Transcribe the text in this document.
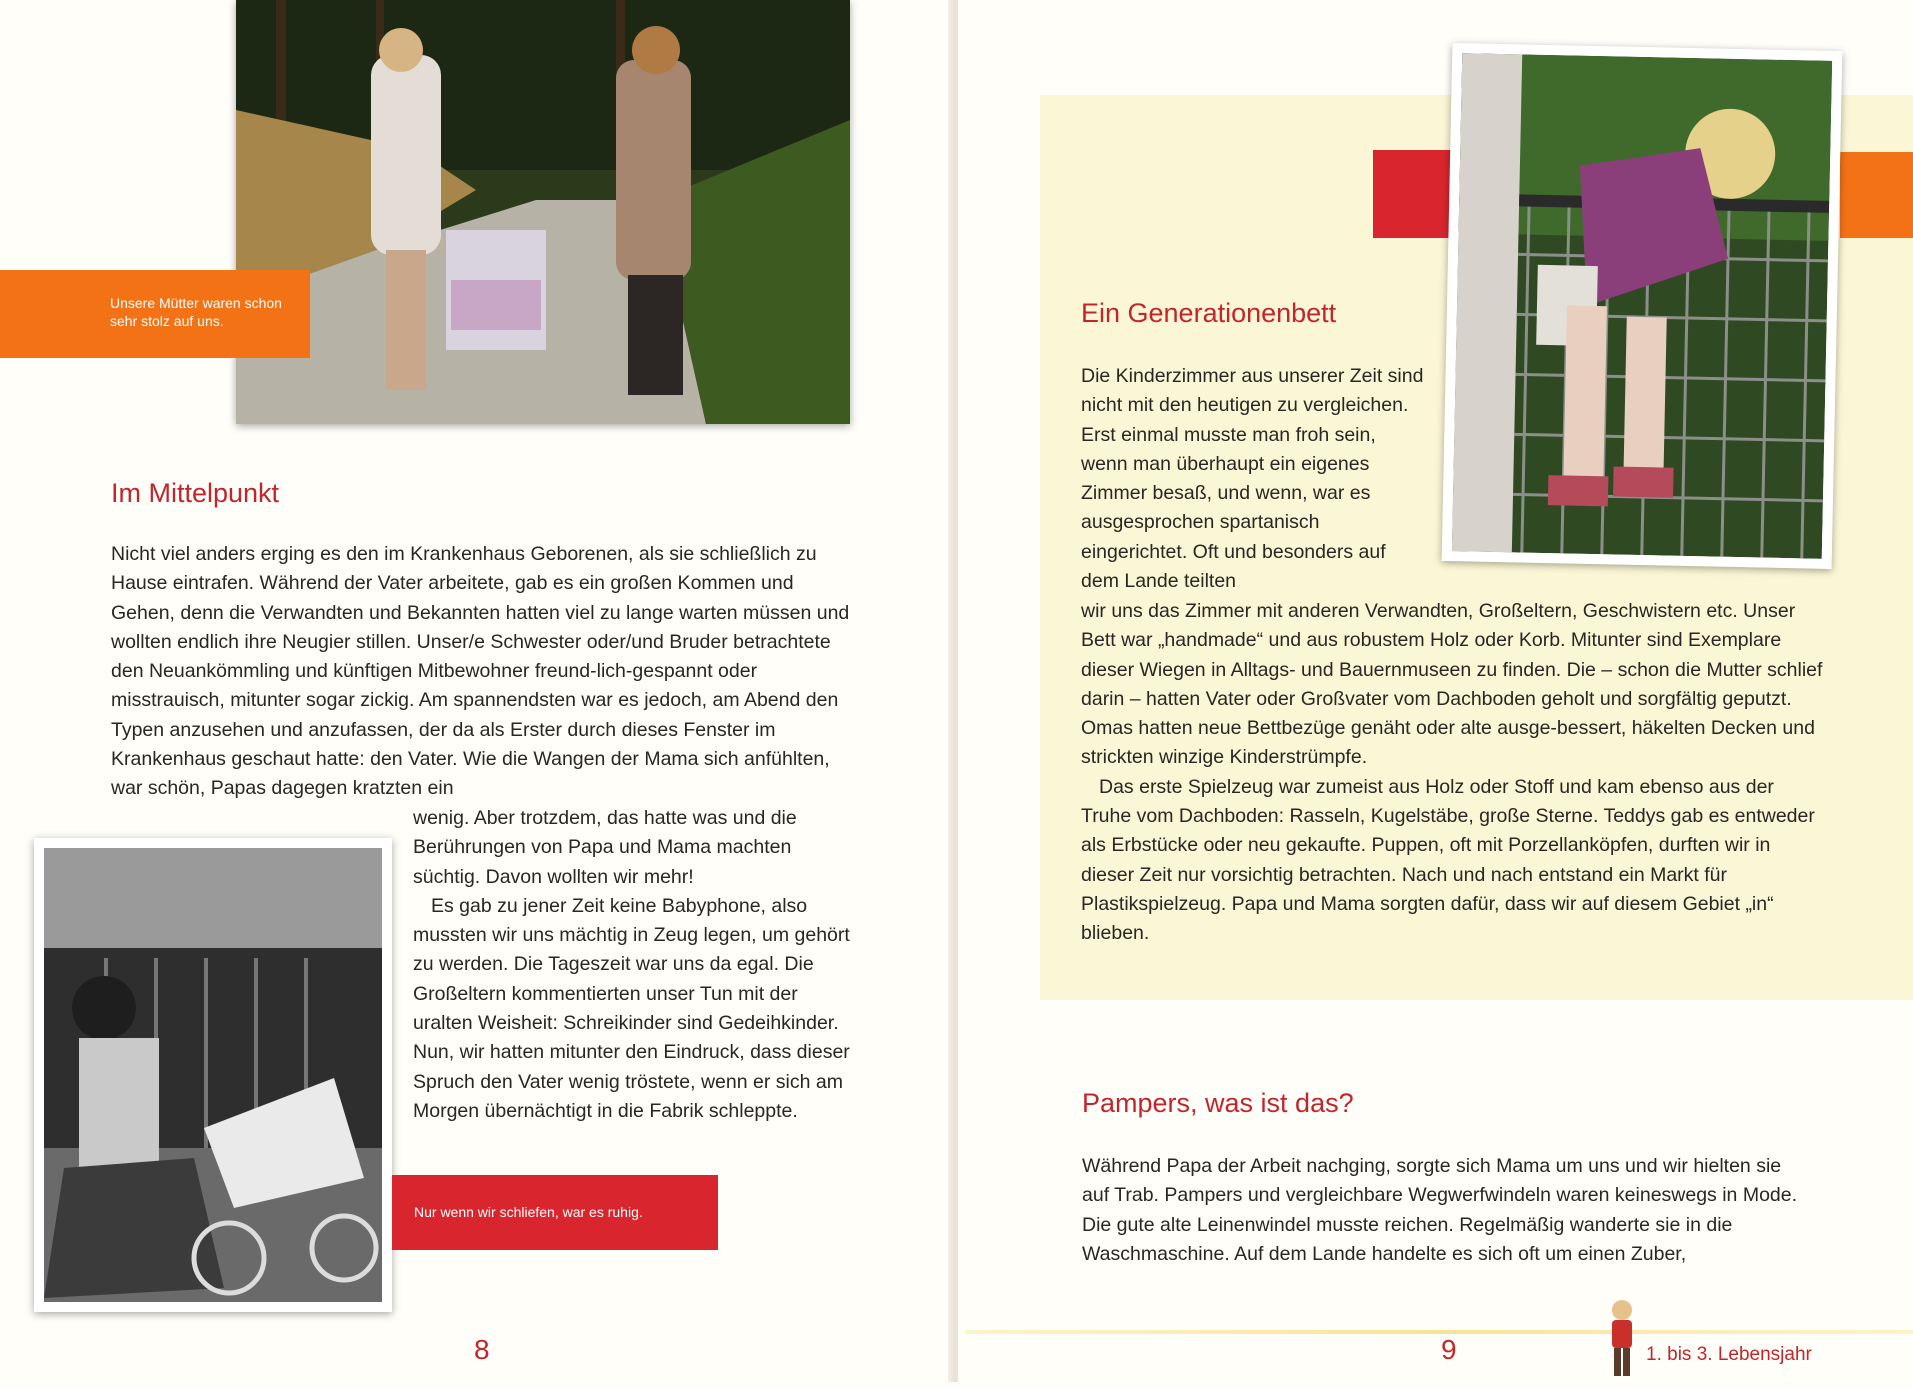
Unsere Mütter waren schon sehr stolz auf uns.
Im Mittelpunkt

Nicht viel anders erging es den im Krankenhaus Geborenen, als sie schließlich zu Hause eintrafen. Während der Vater arbeitete, gab es ein großen Kommen und Gehen, denn die Verwandten und Bekannten hatten viel zu lange warten müssen und wollten endlich ihre Neugier stillen. Unser/e Schwester oder/und Bruder betrachtete den Neuankömmling und künftigen Mitbewohner freund-lich-gespannt oder misstrauisch, mitunter sogar zickig. Am spannendsten war es jedoch, am Abend den Typen anzusehen und anzufassen, der da als Erster durch dieses Fenster im Krankenhaus geschaut hatte: den Vater. Wie die Wangen der Mama sich anfühlten, war schön, Papas dagegen kratzten ein

wenig. Aber trotzdem, das hatte was und die Berührungen von Papa und Mama machten süchtig. Davon wollten wir mehr!

Es gab zu jener Zeit keine Babyphone, also mussten wir uns mächtig in Zeug legen, um gehört zu werden. Die Tageszeit war uns da egal. Die Großeltern kommentierten unser Tun mit der uralten Weisheit: Schreikinder sind Gedeihkinder. Nun, wir hatten mitunter den Eindruck, dass dieser Spruch den Vater wenig tröstete, wenn er sich am Morgen übernächtigt in die Fabrik schleppte.

Nur wenn wir schliefen, war es ruhig.
8
Ein Generationenbett

Die Kinderzimmer aus unserer Zeit sind nicht mit den heutigen zu vergleichen. Erst einmal musste man froh sein, wenn man überhaupt ein eigenes Zimmer besaß, und wenn, war es ausgesprochen spartanisch eingerichtet. Oft und besonders auf dem Lande teilten

wir uns das Zimmer mit anderen Verwandten, Großeltern, Geschwistern etc. Unser Bett war „handmade“ und aus robustem Holz oder Korb. Mitunter sind Exemplare dieser Wiegen in Alltags- und Bauernmuseen zu finden. Die – schon die Mutter schlief darin – hatten Vater oder Großvater vom Dachboden geholt und sorgfältig geputzt. Omas hatten neue Bettbezüge genäht oder alte ausge-bessert, häkelten Decken und strickten winzige Kinderstrümpfe.

Das erste Spielzeug war zumeist aus Holz oder Stoff und kam ebenso aus der Truhe vom Dachboden: Rasseln, Kugelstäbe, große Sterne. Teddys gab es entweder als Erbstücke oder neu gekaufte. Puppen, oft mit Porzellanköpfen, durften wir in dieser Zeit nur vorsichtig betrachten. Nach und nach entstand ein Markt für Plastikspielzeug. Papa und Mama sorgten dafür, dass wir auf diesem Gebiet „in“ blieben.

Pampers, was ist das?

Während Papa der Arbeit nachging, sorgte sich Mama um uns und wir hielten sie auf Trab. Pampers und vergleichbare Wegwerfwindeln waren keineswegs in Mode. Die gute alte Leinenwindel musste reichen. Regelmäßig wanderte sie in die Waschmaschine. Auf dem Lande handelte es sich oft um einen Zuber,

9	1. bis 3. Lebensjahr
